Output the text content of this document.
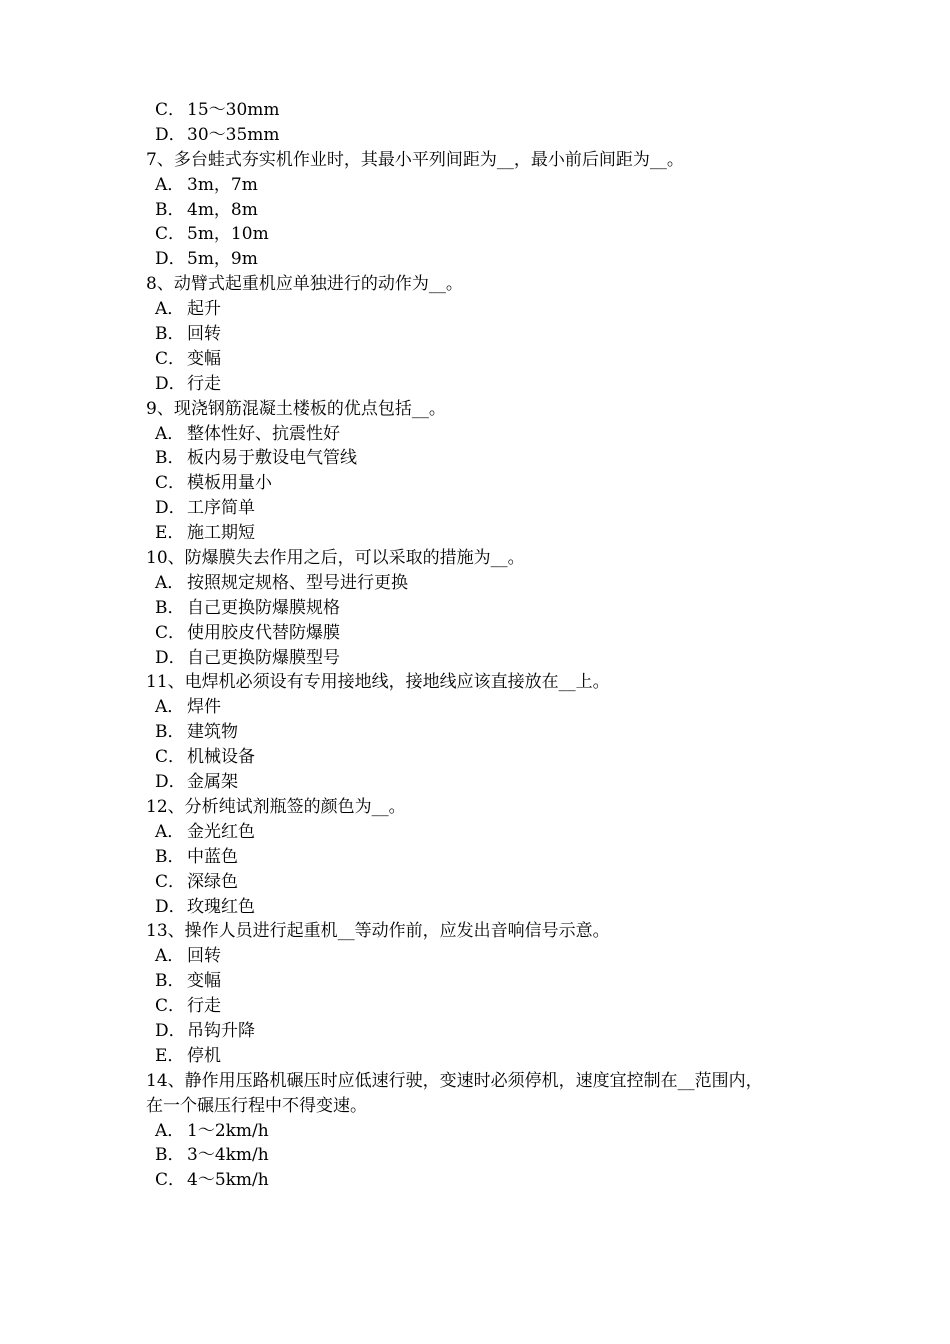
C． 15～30mm
D．30～35mm
7、多台蛙式夯实机作业时，其最小平列间距为__，最小前后间距为__。
A． 3m，7m
B． 4m，8m
C． 5m，10m
D．5m，9m
8、动臂式起重机应单独进行的动作为__。
A． 起升
B． 回转
C． 变幅
D．行走
9、现浇钢筋混凝土楼板的优点包括__。
A． 整体性好、抗震性好
B． 板内易于敷设电气管线
C． 模板用量小
D．工序简单
E． 施工期短
10、防爆膜失去作用之后，可以采取的措施为__。
A． 按照规定规格、型号进行更换
B． 自己更换防爆膜规格
C． 使用胶皮代替防爆膜
D．自己更换防爆膜型号
11、电焊机必须设有专用接地线，接地线应该直接放在__上。
A． 焊件
B． 建筑物
C． 机械设备
D．金属架
12、分析纯试剂瓶签的颜色为__。
A． 金光红色
B． 中蓝色
C． 深绿色
D．玫瑰红色
13、操作人员进行起重机__等动作前，应发出音响信号示意。
A． 回转
B． 变幅
C． 行走
D．吊钩升降
E． 停机
14、静作用压路机碾压时应低速行驶，变速时必须停机，速度宜控制在__范围内，
在一个碾压行程中不得变速。
A． 1～2km/h
B． 3～4km/h
C． 4～5km/h
